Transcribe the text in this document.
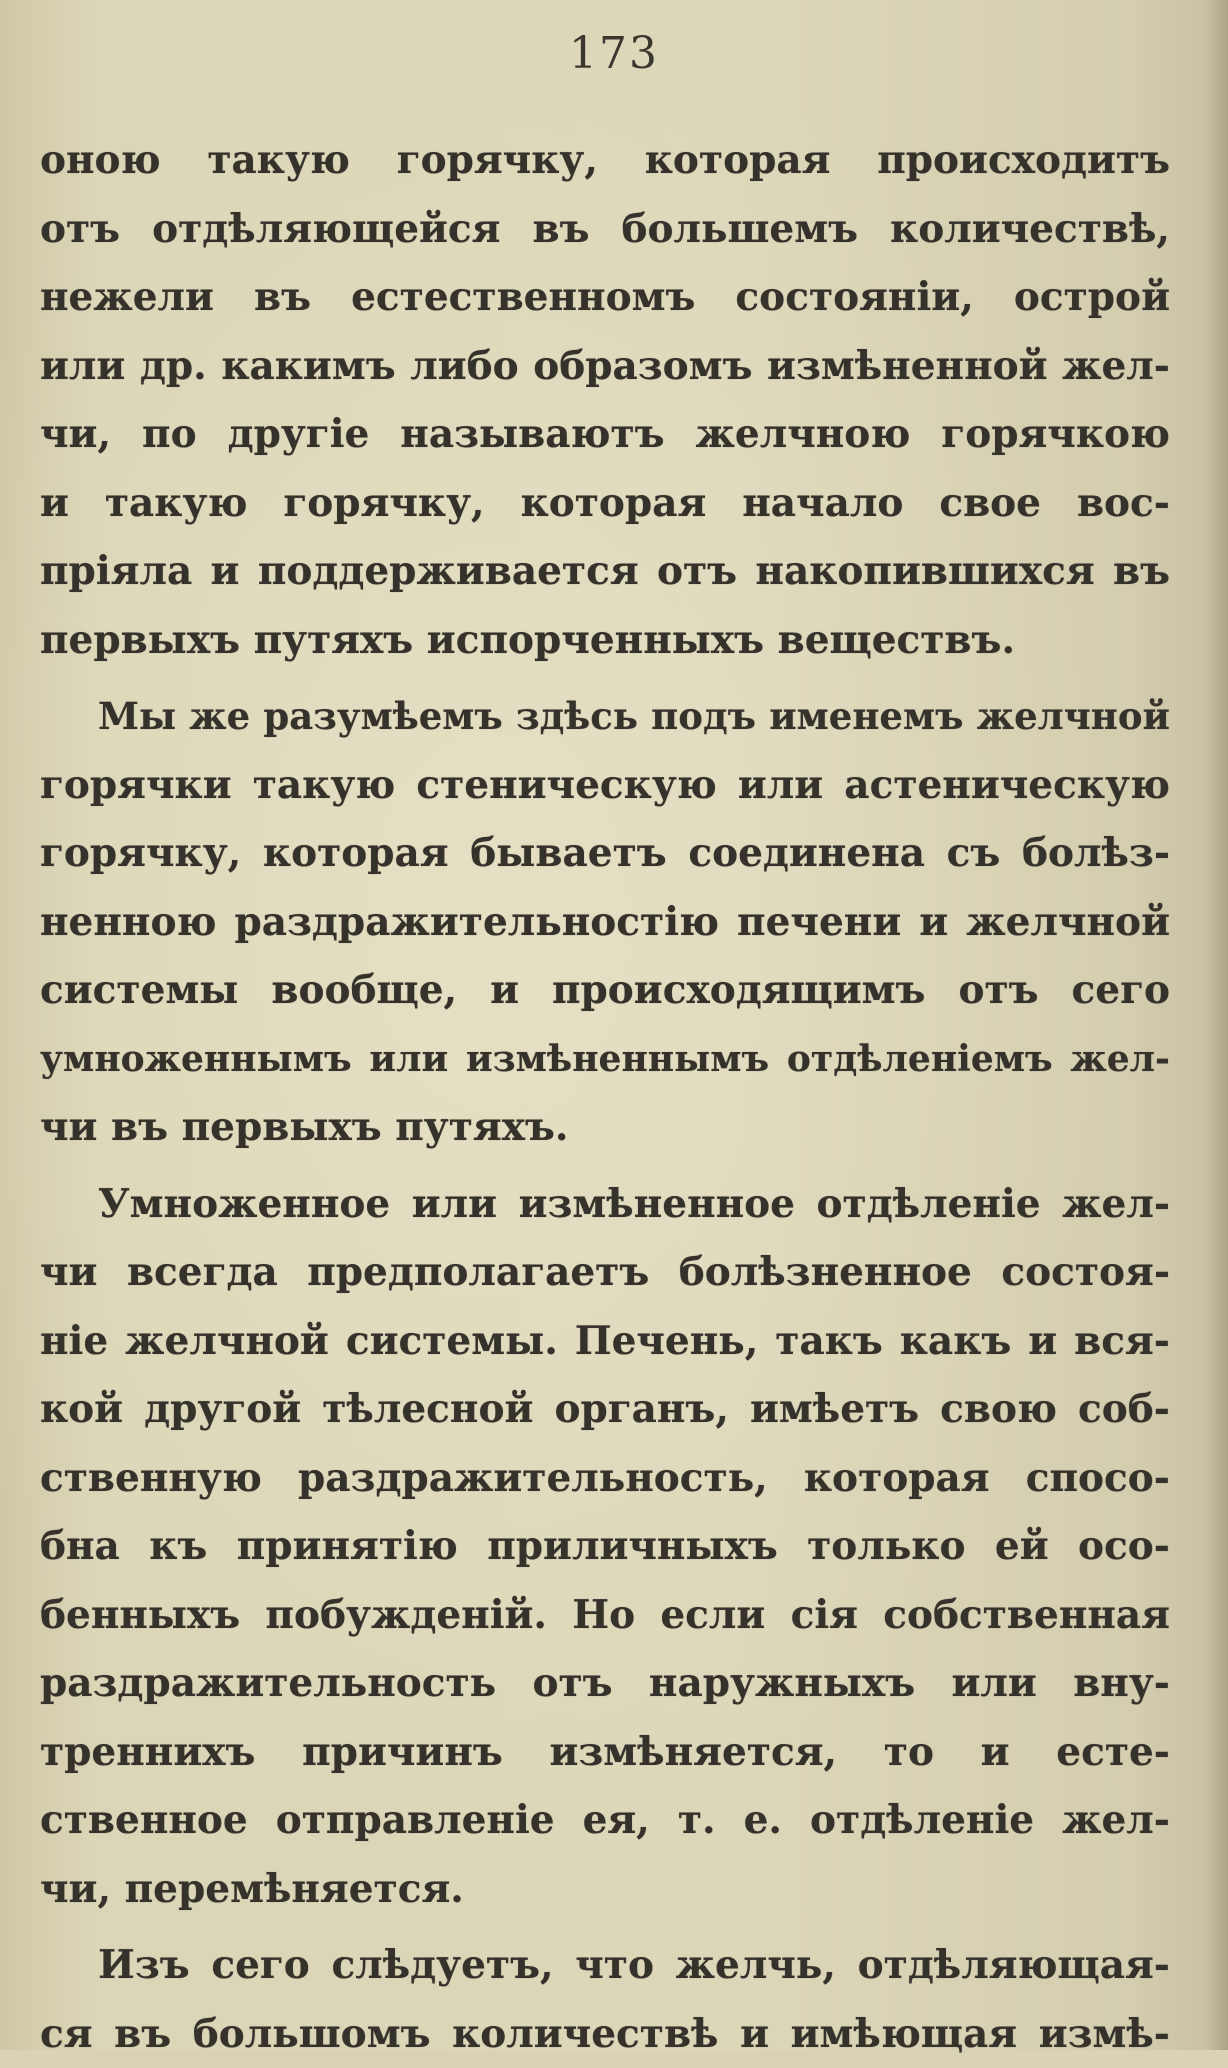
173

оною такую горячку, которая происходитъ
отъ отдѣляющейся въ большемъ количествѣ,
нежели въ естественномъ состоянiи, острой
или др. какимъ либо образомъ измѣненной жел-
чи, по другiе называютъ желчною горячкою
и такую горячку, которая начало свое вос-
прiяла и поддерживается отъ накопившихся въ
первыхъ путяхъ испорченныхъ веществъ.
Мы же разумѣемъ здѣсь подъ именемъ желчной
горячки такую стеническую или астеническую
горячку, которая бываетъ соединена съ болѣз-
ненною раздражительностiю печени и желчной
системы вообще, и происходящимъ отъ сего
умноженнымъ или измѣненнымъ отдѣленiемъ жел-
чи въ первыхъ путяхъ.
Умноженное или измѣненное отдѣленiе жел-
чи всегда предполагаетъ болѣзненное состоя-
нiе желчной системы. Печень, такъ какъ и вся-
кой другой тѣлесной органъ, имѣетъ свою соб-
ственную раздражительность, которая спосо-
бна къ принятiю приличныхъ только ей осо-
бенныхъ побужденiй. Но если сiя собственная
раздражительность отъ наружныхъ или вну-
треннихъ причинъ измѣняется, то и есте-
ственное отправленiе ея, т. е. отдѣленiе жел-
чи, перемѣняется.
Изъ сего слѣдуетъ, что желчь, отдѣляющая-
ся въ большомъ количествѣ и имѣющая измѣ-
